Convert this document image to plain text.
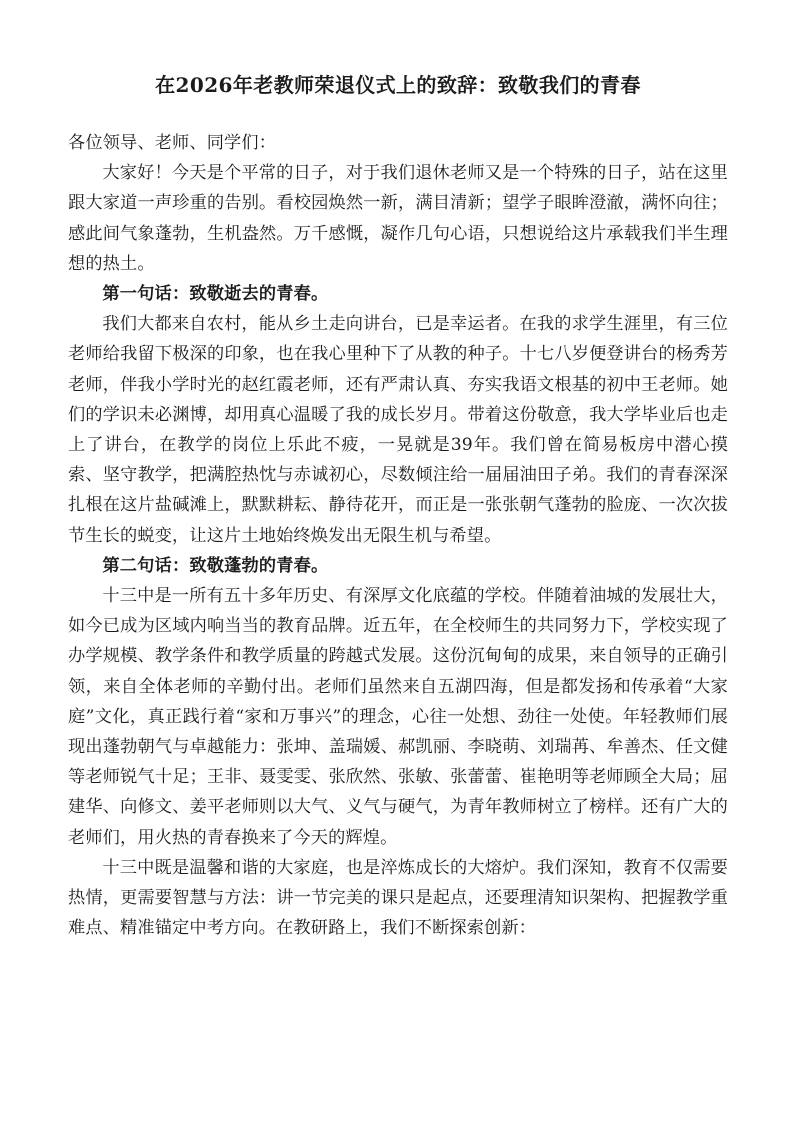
在2026年老教师荣退仪式上的致辞：致敬我们的青春

各位领导、老师、同学们：

大家好！今天是个平常的日子，对于我们退休老师又是一个特殊的日子，站在这里跟大家道一声珍重的告别。看校园焕然一新，满目清新；望学子眼眸澄澈，满怀向往；感此间气象蓬勃，生机盎然。万千感慨，凝作几句心语，只想说给这片承载我们半生理想的热土。

第一句话：致敬逝去的青春。

我们大都来自农村，能从乡土走向讲台，已是幸运者。在我的求学生涯里，有三位老师给我留下极深的印象，也在我心里种下了从教的种子。十七八岁便登讲台的杨秀芳老师，伴我小学时光的赵红霞老师，还有严肃认真、夯实我语文根基的初中王老师。她们的学识未必渊博，却用真心温暖了我的成长岁月。带着这份敬意，我大学毕业后也走上了讲台，在教学的岗位上乐此不疲，一晃就是39年。我们曾在简易板房中潜心摸索、坚守教学，把满腔热忱与赤诚初心，尽数倾注给一届届油田子弟。我们的青春深深扎根在这片盐碱滩上，默默耕耘、静待花开，而正是一张张朝气蓬勃的脸庞、一次次拔节生长的蜕变，让这片土地始终焕发出无限生机与希望。

第二句话：致敬蓬勃的青春。

十三中是一所有五十多年历史、有深厚文化底蕴的学校。伴随着油城的发展壮大，如今已成为区域内响当当的教育品牌。近五年，在全校师生的共同努力下，学校实现了办学规模、教学条件和教学质量的跨越式发展。这份沉甸甸的成果，来自领导的正确引领，来自全体老师的辛勤付出。老师们虽然来自五湖四海，但是都发扬和传承着“大家庭”文化，真正践行着“家和万事兴”的理念，心往一处想、劲往一处使。年轻教师们展现出蓬勃朝气与卓越能力：张坤、盖瑞媛、郝凯丽、李晓萌、刘瑞苒、牟善杰、任文健等老师锐气十足；王非、聂雯雯、张欣然、张敏、张蕾蕾、崔艳明等老师顾全大局；屈建华、向修文、姜平老师则以大气、义气与硬气，为青年教师树立了榜样。还有广大的老师们，用火热的青春换来了今天的辉煌。

十三中既是温馨和谐的大家庭，也是淬炼成长的大熔炉。我们深知，教育不仅需要热情，更需要智慧与方法：讲一节完美的课只是起点，还要理清知识架构、把握教学重难点、精准锚定中考方向。在教研路上，我们不断探索创新：
